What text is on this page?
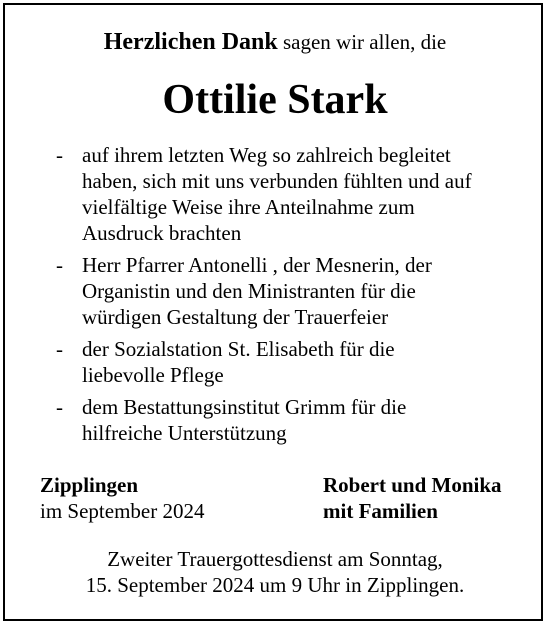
Herzlichen Dank sagen wir allen, die
Ottilie Stark
- auf ihrem letzten Weg so zahlreich begleitet
haben, sich mit uns verbunden fühlten und auf
vielfältige Weise ihre Anteilnahme zum
Ausdruck brachten
- Herr Pfarrer Antonelli , der Mesnerin, der
Organistin und den Ministranten für die
würdigen Gestaltung der Trauerfeier
- der Sozialstation St. Elisabeth für die
liebevolle Pflege
- dem Bestattungsinstitut Grimm für die
hilfreiche Unterstützung
Zipplingen
im September 2024
Robert und Monika
mit Familien
Zweiter Trauergottesdienst am Sonntag,
15. September 2024 um 9 Uhr in Zipplingen.
